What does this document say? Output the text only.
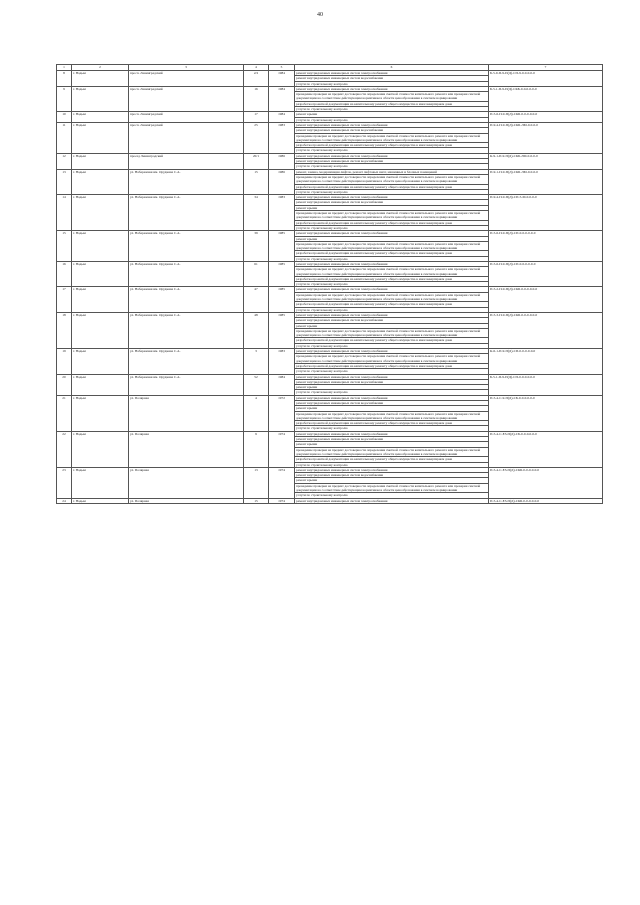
40
1	2	3	4	5	6	7
8	г. Надым	просп. Ленинградский	2/2	1984	ремонт внутридомовых инженерных систем электроснабжения	Б-5-9-П-9-П(Д)-СП-9-0-0-0-0-0
					ремонт внутридомовых инженерных систем водоснабжения	
					услуги по строительному контролю	
9	г. Надым	просп. Ленинградский	16	1984	ремонт внутридомовых инженерных систем электроснабжения	Б-5-1-П-9-П(Д)-СКБ-0-0-0-0-0-0
					проведение проверки на предмет достоверности определения сметной стоимости капитального ремонта или проверки сметной документации на соответствие действующим нормативам в области ценообразования в сметном нормировании	
					разработка проектной документации на капитальному ремонту общего имущества в многоквартирном доме	
					услуги по строительному контролю	
10	г. Надым	просп. Ленинградский	17	1984	ремонт крыши	П-5-6-П-9-П(Д)-СКБ-0-0-0-0-0-0
					услуги по строительному контролю	
11	г. Надым	просп. Ленинградский	25	1983	ремонт внутридомовых инженерных систем электроснабжения	П-9-4-П-9-П(Д)-СКБ-ЛМ-0-0-0-0
					ремонт внутридомовых инженерных систем водоснабжения	
					проведение проверки на предмет достоверности определения сметной стоимости капитального ремонта или проверки сметной документации на соответствие действующим нормативам в области ценообразования в сметном нормировании	
					разработка проектной документации на капитальному ремонту общего имущества в многоквартирном доме	
					услуги по строительному контролю	
12	г. Надым	проезд Ленинградский	20/1	1986	ремонт внутридомовых инженерных систем электроснабжения	К-9-1-П-9-П(Д)-СКБ-ЛМ-0-0-0-0
					ремонт внутридомовых инженерных систем водоснабжения	
					услуги по строительному контролю	
13	г. Надым	ул. Набережная им. Оруджева С.А.	15	1986	ремонт, замена, модернизация лифтов, ремонт лифтовых шахт, машинных и блочных помещений	П-9-1-П-9-П(Д)-СКБ-ЛМ-0-0-0-0
					проведение проверки на предмет достоверности определения сметной стоимости капитального ремонта или проверки сметной документации на соответствие действующим нормативам в области ценообразования в сметном нормировании	
					разработка проектной документации на капитальному ремонту общего имущества в многоквартирном доме	
					услуги по строительному контролю	
14	г. Надым	ул. Набережная им. Оруджева С.А.	34	1983	ремонт внутридомовых инженерных систем электроснабжения	П-9-4-П-9-П(Д)-СП-5-М-0-0-0-0
					ремонт внутридомовых инженерных систем водоснабжения	
					ремонт крыши	
					проведение проверки на предмет достоверности определения сметной стоимости капитального ремонта или проверки сметной документации на соответствие действующим нормативам в области ценообразования в сметном нормировании	
					разработка проектной документации на капитальному ремонту общего имущества в многоквартирном доме	
					услуги по строительному контролю	
15	г. Надым	ул. Набережная им. Оруджева С.А.	39	1985	ремонт внутридомовых инженерных систем электроснабжения	П-5-6-П-9-П(Д)-СП-0-0-0-0-0-0
					ремонт крыши	
					проведение проверки на предмет достоверности определения сметной стоимости капитального ремонта или проверки сметной документации на соответствие действующим нормативам в области ценообразования в сметном нормировании	
					разработка проектной документации на капитальному ремонту общего имущества в многоквартирном доме	
					услуги по строительному контролю	
16	г. Надым	ул. Набережная им. Оруджева С.А.	61	1985	ремонт внутридомовых инженерных систем электроснабжения	П-5-6-П-9-П(Д)-СП-0-0-0-0-0-0
					проведение проверки на предмет достоверности определения сметной стоимости капитального ремонта или проверки сметной документации на соответствие действующим нормативам в области ценообразования в сметном нормировании	
					разработка проектной документации на капитальному ремонту общего имущества в многоквартирном доме	
					услуги по строительному контролю	
17	г. Надым	ул. Набережная им. Оруджева С.А.	47	1985	ремонт внутридомовых инженерных систем электроснабжения	П-5-2-П-9-П(Д)-СКБ-0-0-0-0-0-0
					проведение проверки на предмет достоверности определения сметной стоимости капитального ремонта или проверки сметной документации на соответствие действующим нормативам в области ценообразования в сметном нормировании	
					разработка проектной документации на капитальному ремонту общего имущества в многоквартирном доме	
					услуги по строительному контролю	
18	г. Надым	ул. Набережная им. Оруджева С.А.	48	1985	ремонт внутридомовых инженерных систем электроснабжения	П-5-3-П-9-П(Д)-СКБ-0-0-0-0-0-0
					ремонт внутридомовых инженерных систем водоснабжения	
					ремонт крыши	
					проведение проверки на предмет достоверности определения сметной стоимости капитального ремонта или проверки сметной документации на соответствие действующим нормативам в области ценообразования в сметном нормировании	
					разработка проектной документации на капитальному ремонту общего имущества в многоквартирном доме	
					услуги по строительному контролю	
19	г. Надым	ул. Набережная им. Оруджева С.А.	3	1983	ремонт внутридомовых инженерных систем электроснабжения	К-6-1-П-9-П(Д)-СП-0-0-0-0-0-0
					проведение проверки на предмет достоверности определения сметной стоимости капитального ремонта или проверки сметной документации на соответствие действующим нормативам в области ценообразования в сметном нормировании	
					разработка проектной документации на капитальному ремонту общего имущества в многоквартирном доме	
					услуги по строительному контролю	
20	г. Надым	ул. Набережная им. Оруджева С.А.	52	1984	ремонт внутридомовых инженерных систем электроснабжения	Б-5-1-П-9-П(Д)-СП-0-0-0-0-0-0
					ремонт внутридомовых инженерных систем водоснабжения	
					ремонт крыши	
					услуги по строительному контролю	
21	г. Надым	ул. Полярная	4	1972	ремонт внутридомовых инженерных систем электроснабжения	П-5-4-С-9-П(Д)-СБ-0-0-0-0-0-0
					ремонт внутридомовых инженерных систем водоснабжения	
					ремонт крыши	
					проведение проверки на предмет достоверности определения сметной стоимости капитального ремонта или проверки сметной документации на соответствие действующим нормативам в области ценообразования в сметном нормировании	
					разработка проектной документации на капитальному ремонту общего имущества в многоквартирном доме	
					услуги по строительному контролю	
22	г. Надым	ул. Полярная	9	1974	ремонт внутридомовых инженерных систем электроснабжения	П-5-4-С-ЕЗ-П(Д)-СБ-0-0-0-0-0-0
					ремонт внутридомовых инженерных систем водоснабжения	
					ремонт крыши	
					проведение проверки на предмет достоверности определения сметной стоимости капитального ремонта или проверки сметной документации на соответствие действующим нормативам в области ценообразования в сметном нормировании	
					разработка проектной документации на капитальному ремонту общего имущества в многоквартирном доме	
					услуги по строительному контролю	
23	г. Надым	ул. Полярная	13	1974	ремонт внутридомовых инженерных систем электроснабжения	П-5-4-С-ЕЗ-П(Д)-СКБ-0-0-0-0-0-0
					ремонт внутридомовых инженерных систем водоснабжения	
					ремонт крыши	
					проведение проверки на предмет достоверности определения сметной стоимости капитального ремонта или проверки сметной документации на соответствие действующим нормативам в области ценообразования в сметном нормировании	
					услуги по строительному контролю	
24	г. Надым	ул. Полярная	15	1974	ремонт внутридомовых инженерных систем электроснабжения	П-5-4-С-ЕЗ-П(Д)-СКБ-0-0-0-0-0-0
